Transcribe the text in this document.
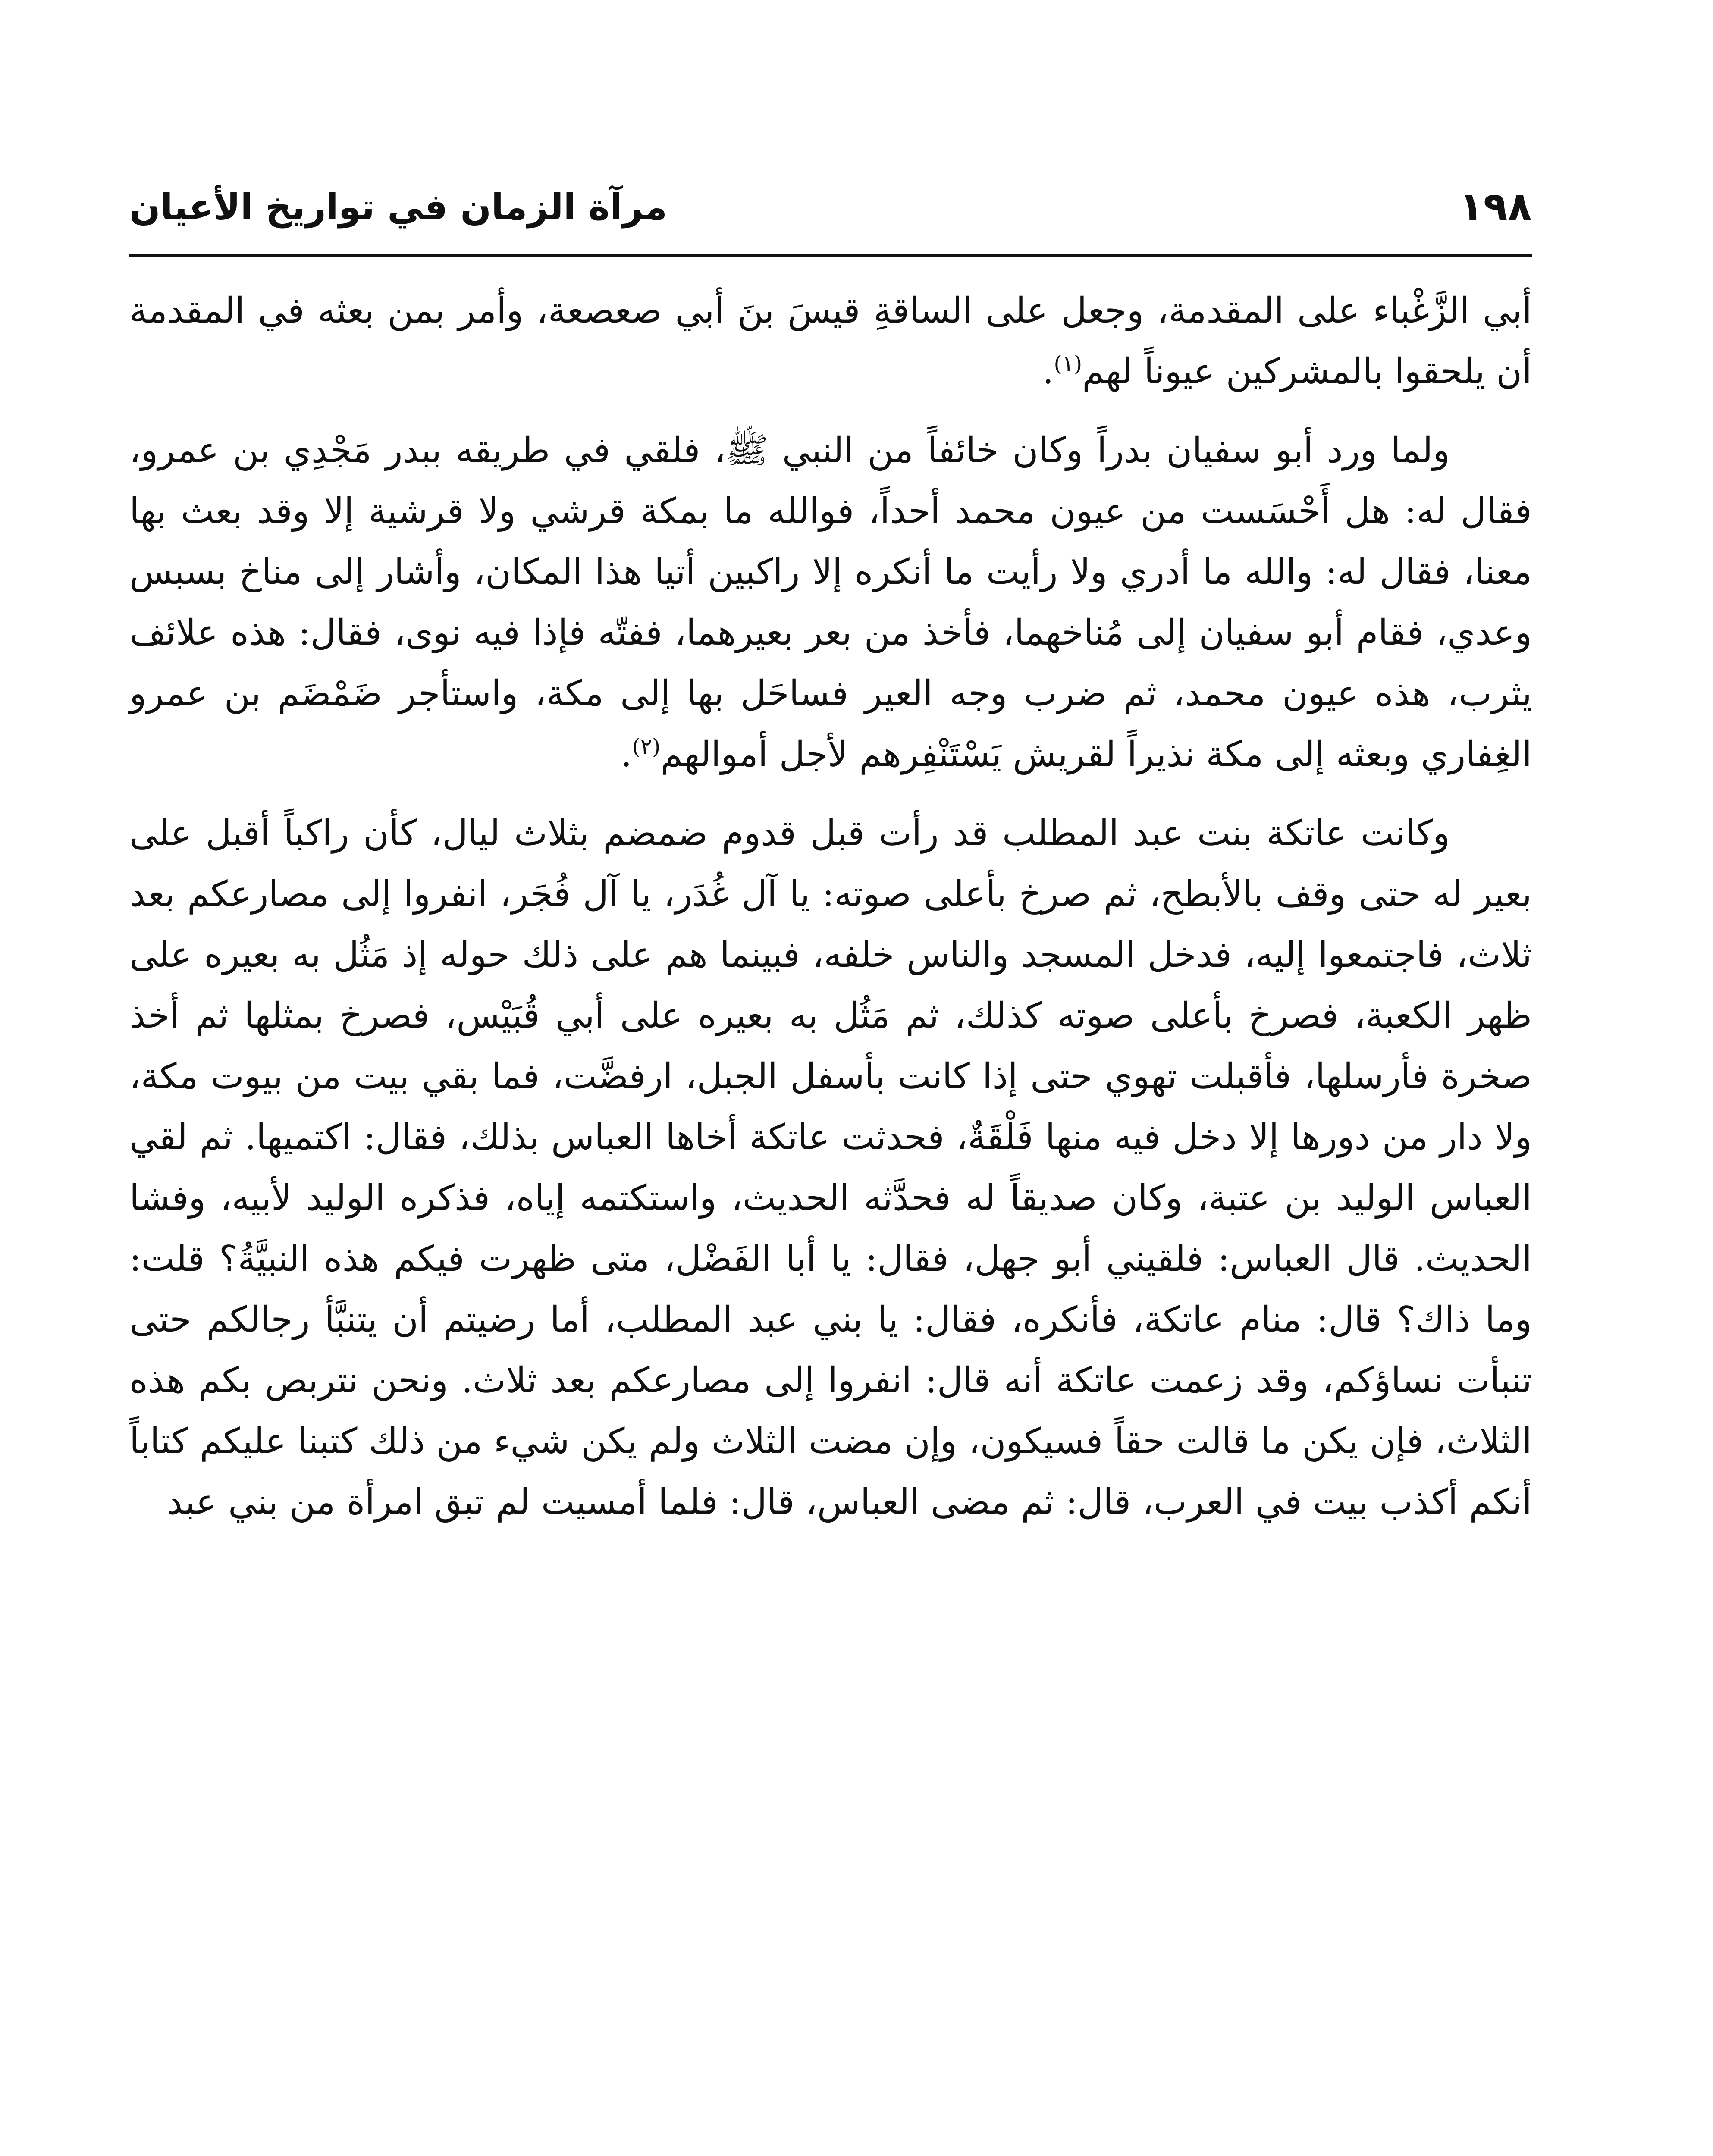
١٩٨
مرآة الزمان في تواريخ الأعيان

أبي الزَّغْباء على المقدمة، وجعل على الساقةِ قيسَ بنَ أبي صعصعة، وأمر بمن بعثه في المقدمة أن يلحقوا بالمشركين عيوناً لهم$^{(١)}$.

ولما ورد أبو سفيان بدراً وكان خائفاً من النبي ﷺ، فلقي في طريقه ببدر مَجْدِي بن عمرو، فقال له: هل أَحْسَست من عيون محمد أحداً، فوالله ما بمكة قرشي ولا قرشية إلا وقد بعث بها معنا، فقال له: والله ما أدري ولا رأيت ما أنكره إلا راكبين أتيا هذا المكان، وأشار إلى مناخ بسبس وعدي، فقام أبو سفيان إلى مُناخهما، فأخذ من بعر بعيرهما، ففتّه فإذا فيه نوى، فقال: هذه علائف يثرب، هذه عيون محمد، ثم ضرب وجه العير فساحَل بها إلى مكة، واستأجر ضَمْضَم بن عمرو الغِفاري وبعثه إلى مكة نذيراً لقريش يَسْتَنْفِرهم لأجل أموالهم$^{(٢)}$.

وكانت عاتكة بنت عبد المطلب قد رأت قبل قدوم ضمضم بثلاث ليال، كأن راكباً أقبل على بعير له حتى وقف بالأبطح، ثم صرخ بأعلى صوته: يا آل غُدَر، يا آل فُجَر، انفروا إلى مصارعكم بعد ثلاث، فاجتمعوا إليه، فدخل المسجد والناس خلفه، فبينما هم على ذلك حوله إذ مَثُل به بعيره على ظهر الكعبة، فصرخ بأعلى صوته كذلك، ثم مَثُل به بعيره على أبي قُبَيْس، فصرخ بمثلها ثم أخذ صخرة فأرسلها، فأقبلت تهوي حتى إذا كانت بأسفل الجبل، ارفضَّت، فما بقي بيت من بيوت مكة، ولا دار من دورها إلا دخل فيه منها فَلْقَةٌ، فحدثت عاتكة أخاها العباس بذلك، فقال: اكتميها. ثم لقي العباس الوليد بن عتبة، وكان صديقاً له فحدَّثه الحديث، واستكتمه إياه، فذكره الوليد لأبيه، وفشا الحديث. قال العباس: فلقيني أبو جهل، فقال: يا أبا الفَضْل، متى ظهرت فيكم هذه النبيَّةُ؟ قلت: وما ذاك؟ قال: منام عاتكة، فأنكره، فقال: يا بني عبد المطلب، أما رضيتم أن يتنبَّأ رجالكم حتى تنبأت نساؤكم، وقد زعمت عاتكة أنه قال: انفروا إلى مصارعكم بعد ثلاث. ونحن نتربص بكم هذه الثلاث، فإن يكن ما قالت حقاً فسيكون، وإن مضت الثلاث ولم يكن شيء من ذلك كتبنا عليكم كتاباً أنكم أكذب بيت في العرب، قال: ثم مضى العباس، قال: فلما أمسيت لم تبق امرأة من بني عبد
